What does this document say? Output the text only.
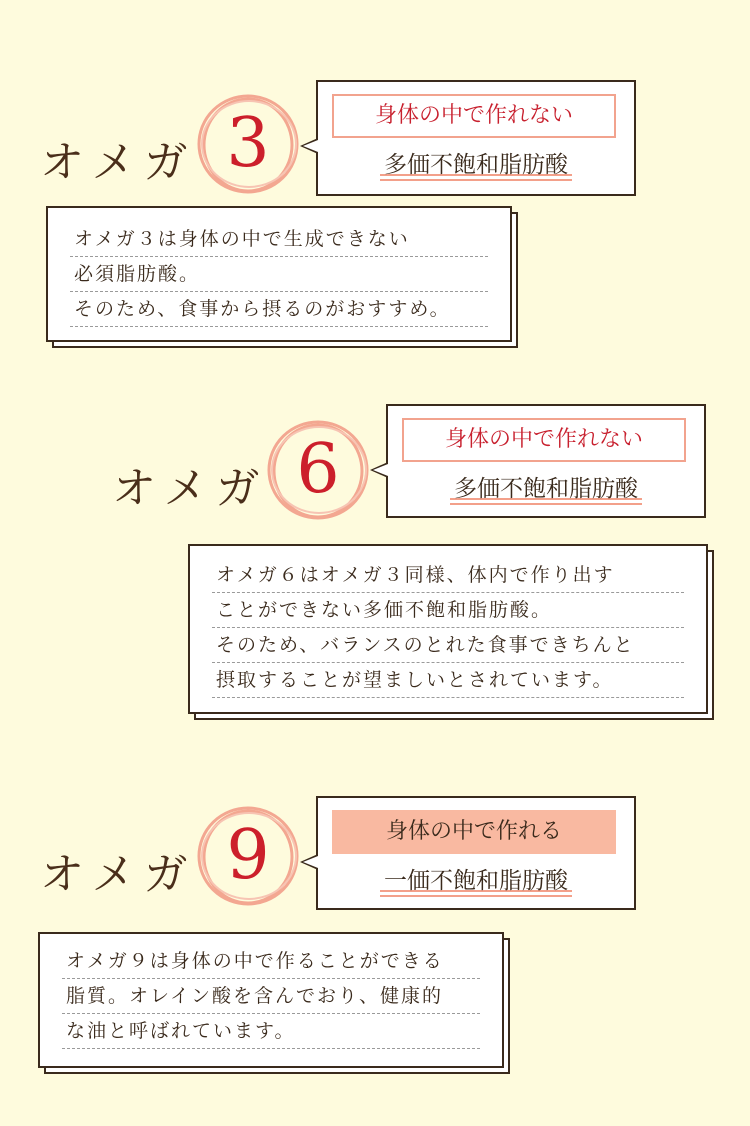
オメガ 3	身体の中で作れない
多価不飽和脂肪酸
オメガ３は身体の中で生成できない
必須脂肪酸。
そのため、食事から摂るのがおすすめ。
オメガ 6	身体の中で作れない
多価不飽和脂肪酸
オメガ６はオメガ３同様、体内で作り出す
ことができない多価不飽和脂肪酸。
そのため、バランスのとれた食事できちんと
摂取することが望ましいとされています。
オメガ 9	身体の中で作れる
一価不飽和脂肪酸
オメガ９は身体の中で作ることができる
脂質。オレイン酸を含んでおり、健康的
な油と呼ばれています。
